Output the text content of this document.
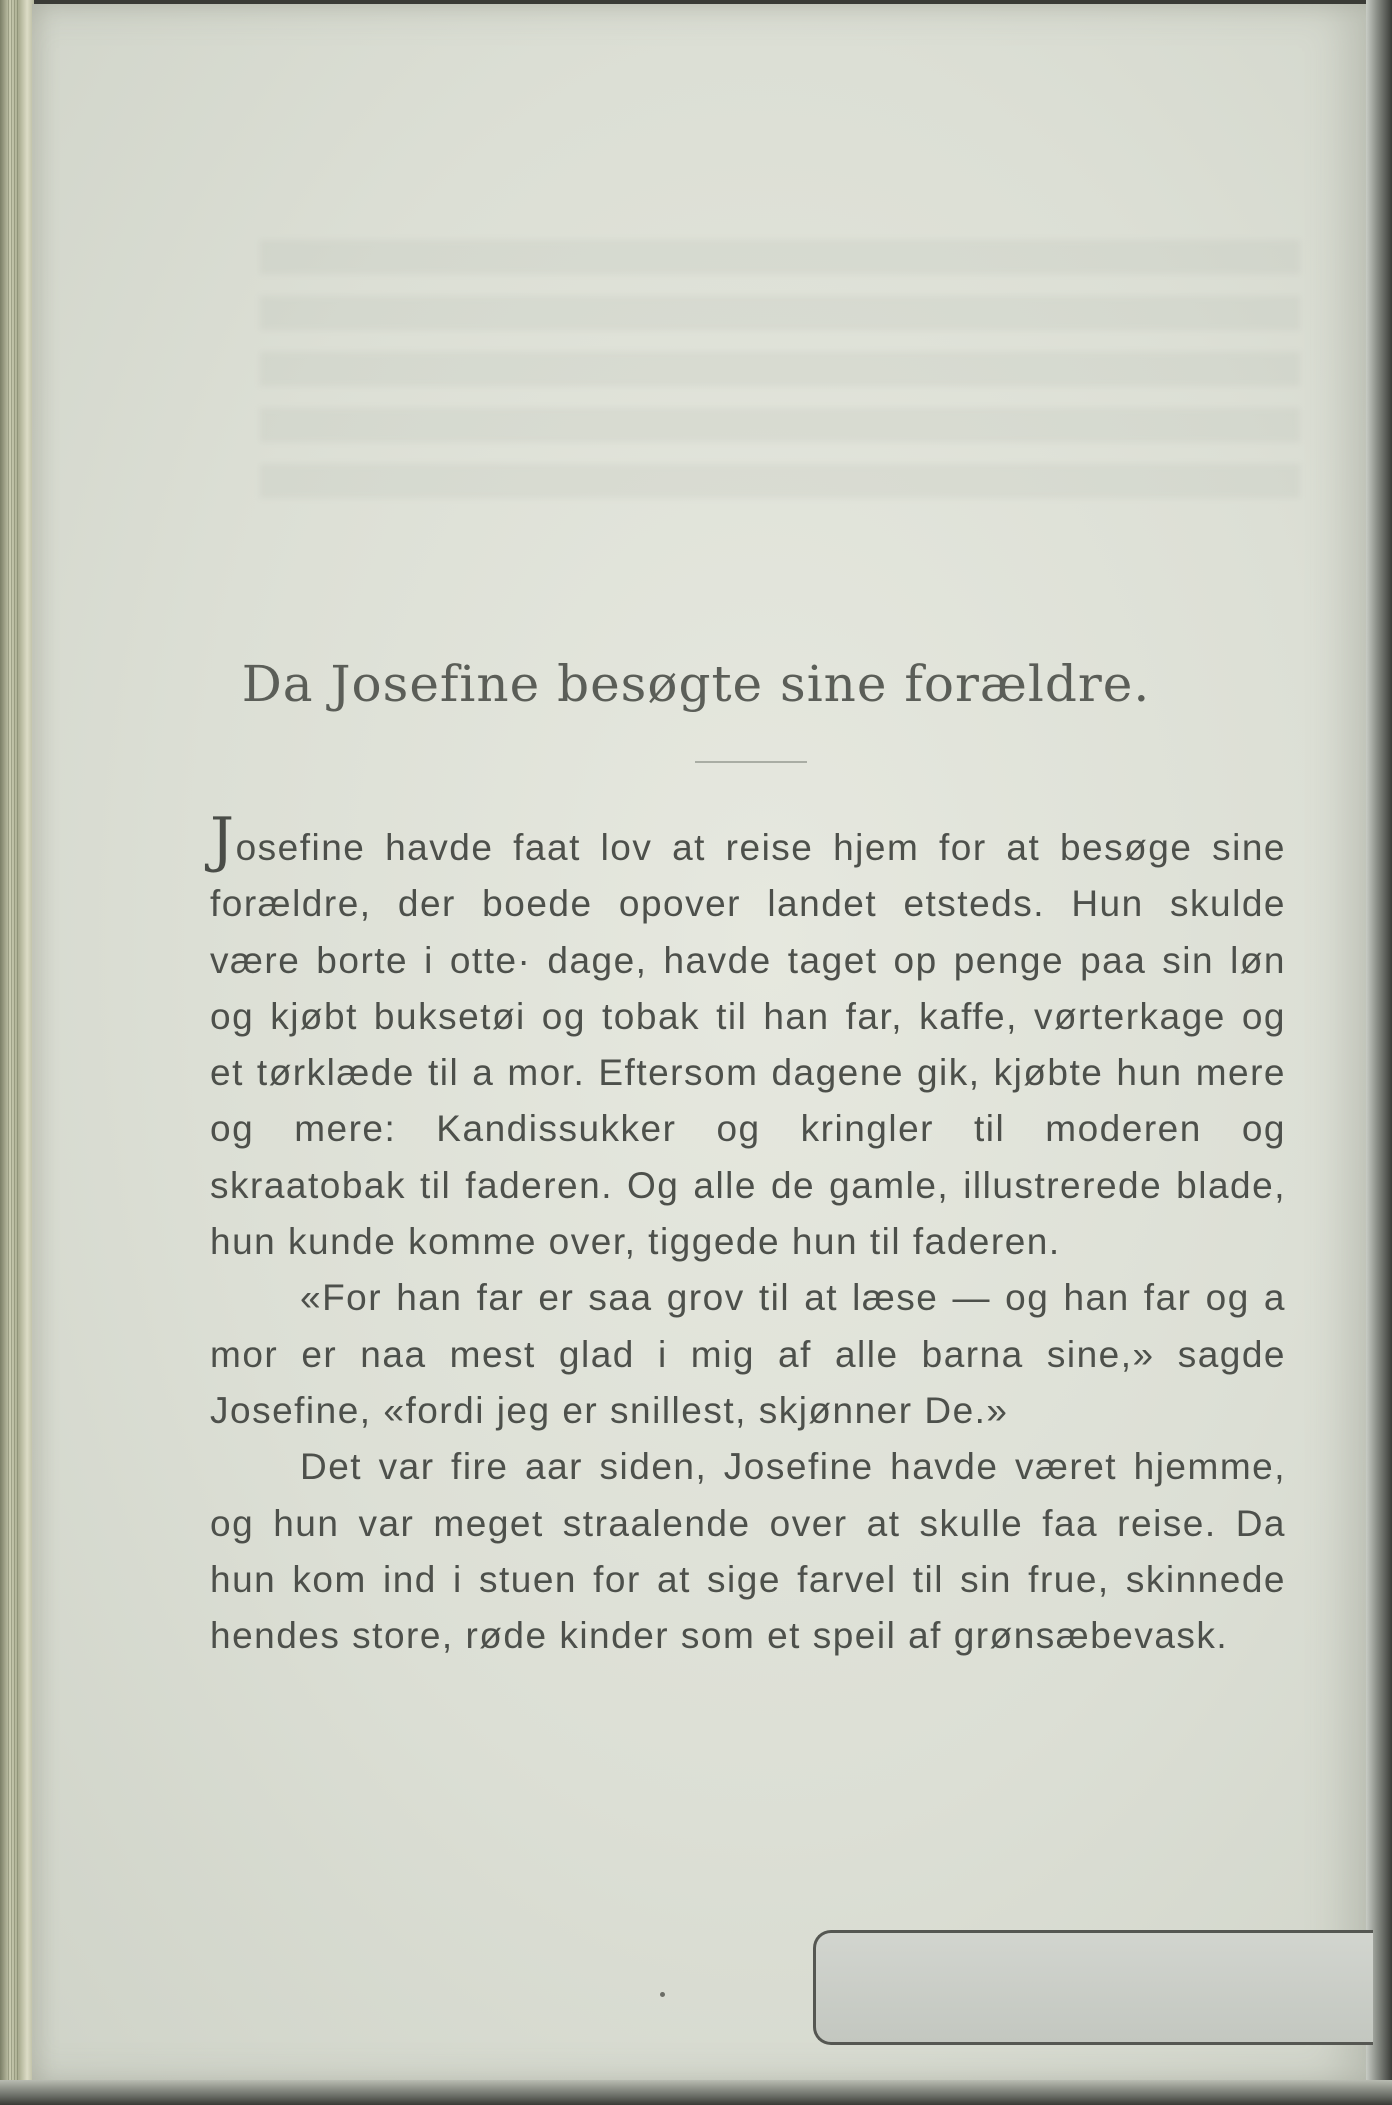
Da Josefine besøgte sine forældre.

Josefine havde faat lov at reise hjem for at besøge sine forældre, der boede opover landet etsteds. Hun skulde være borte i otte· dage, havde taget op penge paa sin løn og kjøbt buksetøi og tobak til han far, kaffe, vørterkage og et tørklæde til a mor. Eftersom dagene gik, kjøbte hun mere og mere: Kandissukker og kringler til moderen og skraatobak til faderen. Og alle de gamle, illustrerede blade, hun kunde komme over, tiggede hun til faderen.

«For han far er saa grov til at læse — og han far og a mor er naa mest glad i mig af alle barna sine,» sagde Josefine, «fordi jeg er snillest, skjønner De.»

Det var fire aar siden, Josefine havde været hjemme, og hun var meget straalende over at skulle faa reise. Da hun kom ind i stuen for at sige farvel til sin frue, skinnede hendes store, røde kinder som et speil af grønsæbevask.
